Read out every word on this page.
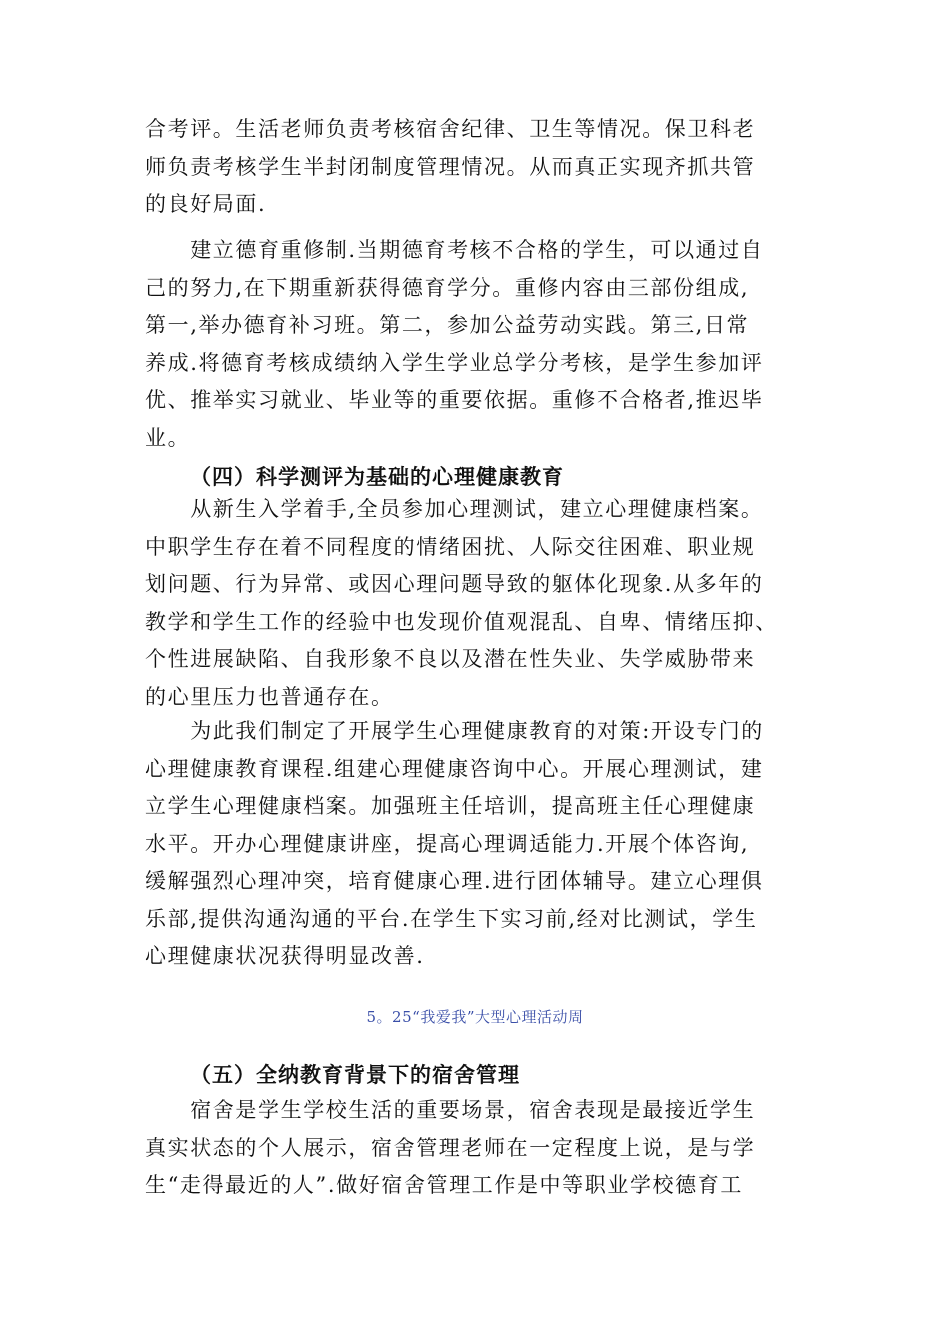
合考评。生活老师负责考核宿舍纪律、卫生等情况。保卫科老
师负责考核学生半封闭制度管理情况。从而真正实现齐抓共管
的良好局面.
　　建立德育重修制.当期德育考核不合格的学生，可以通过自
己的努力,在下期重新获得德育学分。重修内容由三部份组成,
第一,举办德育补习班。第二，参加公益劳动实践。第三,日常
养成.将德育考核成绩纳入学生学业总学分考核，是学生参加评
优、推举实习就业、毕业等的重要依据。重修不合格者,推迟毕
业。
（四）科学测评为基础的心理健康教育
　　从新生入学着手,全员参加心理测试，建立心理健康档案。
中职学生存在着不同程度的情绪困扰、人际交往困难、职业规
划问题、行为异常、或因心理问题导致的躯体化现象.从多年的
教学和学生工作的经验中也发现价值观混乱、自卑、情绪压抑、
个性进展缺陷、自我形象不良以及潜在性失业、失学威胁带来
的心里压力也普通存在。
　　为此我们制定了开展学生心理健康教育的对策:开设专门的
心理健康教育课程.组建心理健康咨询中心。开展心理测试，建
立学生心理健康档案。加强班主任培训，提高班主任心理健康
水平。开办心理健康讲座，提高心理调适能力.开展个体咨询,
缓解强烈心理冲突，培育健康心理.进行团体辅导。建立心理俱
乐部,提供沟通沟通的平台.在学生下实习前,经对比测试，学生
心理健康状况获得明显改善.
5。25“我爱我”大型心理活动周
（五）全纳教育背景下的宿舍管理
　　宿舍是学生学校生活的重要场景，宿舍表现是最接近学生
真实状态的个人展示，宿舍管理老师在一定程度上说，是与学
生“走得最近的人”.做好宿舍管理工作是中等职业学校德育工
